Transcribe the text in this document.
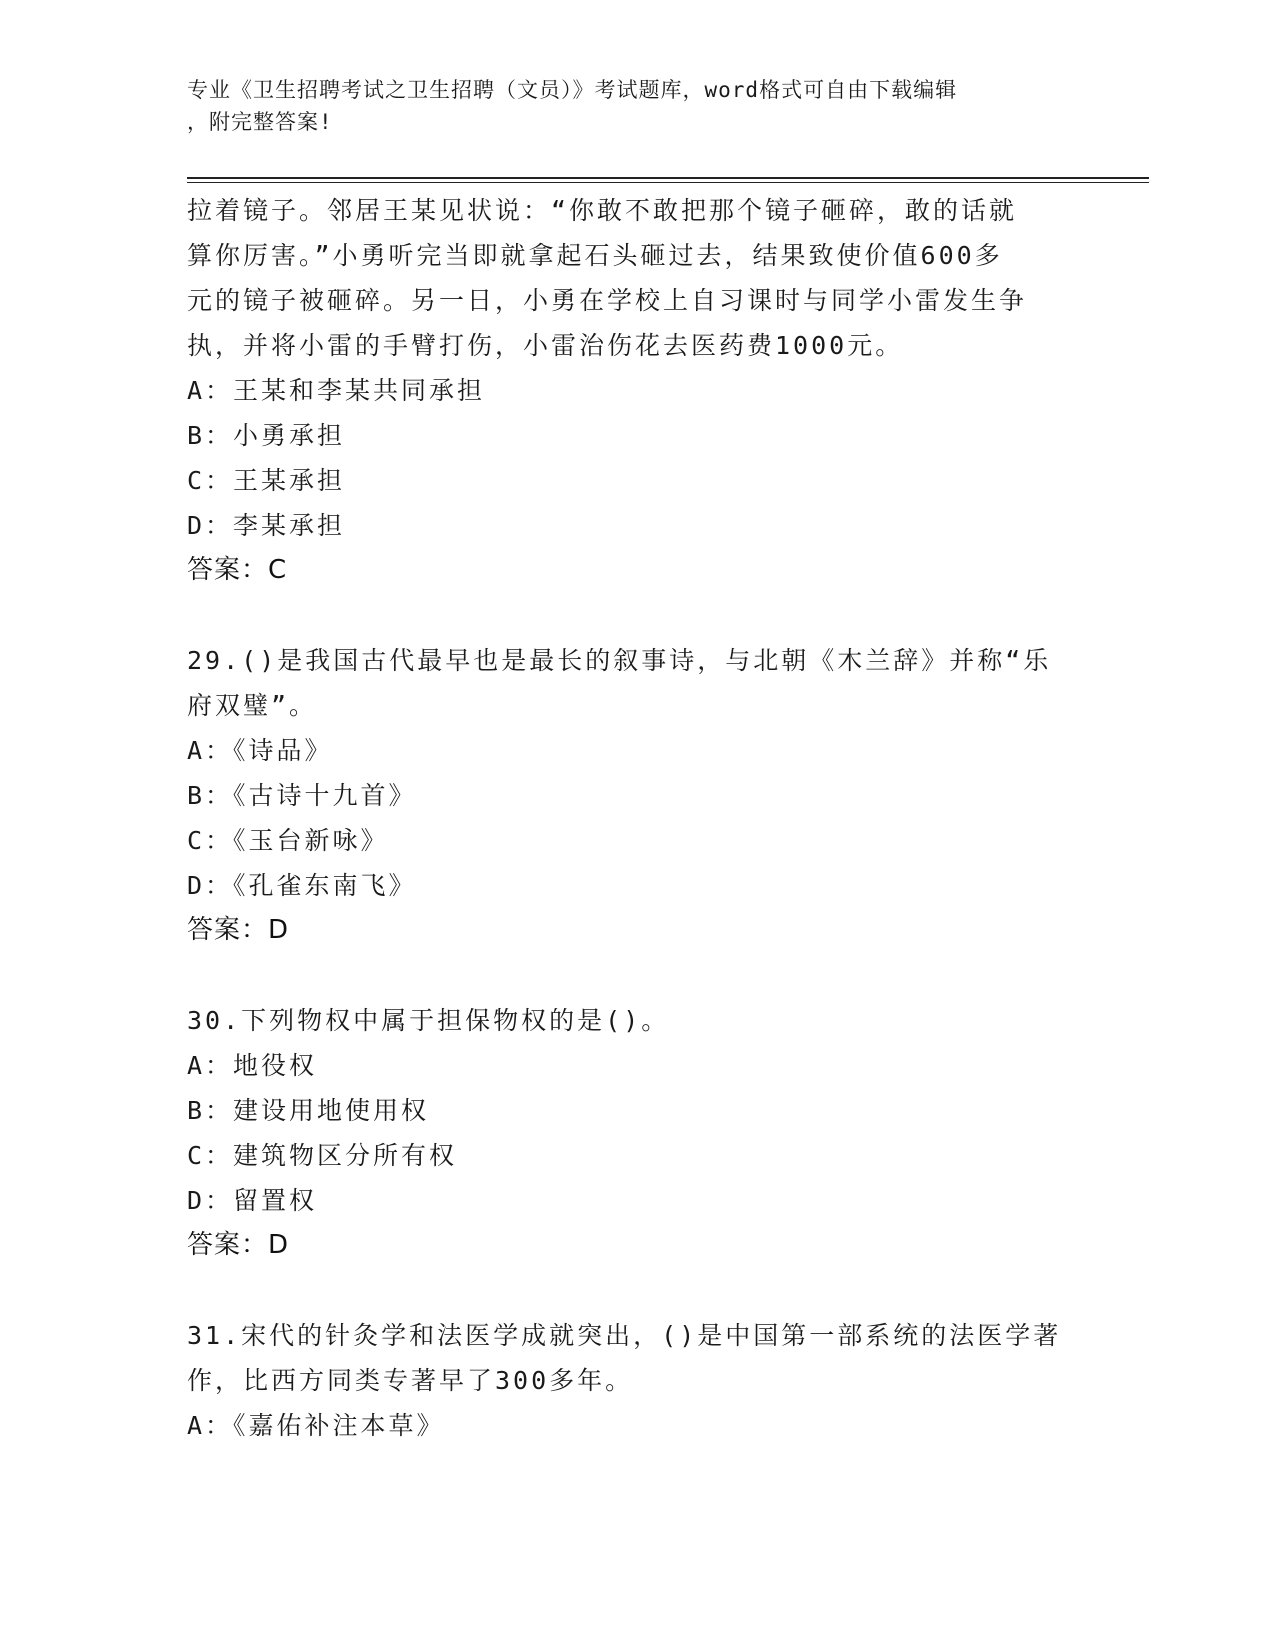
专业《卫生招聘考试之卫生招聘（文员）》考试题库，word格式可自由下载编辑
，附完整答案!
拉着镜子。邻居王某见状说：“你敢不敢把那个镜子砸碎，敢的话就
算你厉害。”小勇听完当即就拿起石头砸过去，结果致使价值600多
元的镜子被砸碎。另一日，小勇在学校上自习课时与同学小雷发生争
执，并将小雷的手臂打伤，小雷治伤花去医药费1000元。
A：王某和李某共同承担
B：小勇承担
C：王某承担
D：李某承担
答案：C
29.()是我国古代最早也是最长的叙事诗，与北朝《木兰辞》并称“乐
府双璧”。
A：《诗品》
B：《古诗十九首》
C：《玉台新咏》
D：《孔雀东南飞》
答案：D
30.下列物权中属于担保物权的是()。
A：地役权
B：建设用地使用权
C：建筑物区分所有权
D：留置权
答案：D
31.宋代的针灸学和法医学成就突出，()是中国第一部系统的法医学著
作，比西方同类专著早了300多年。
A：《嘉佑补注本草》
